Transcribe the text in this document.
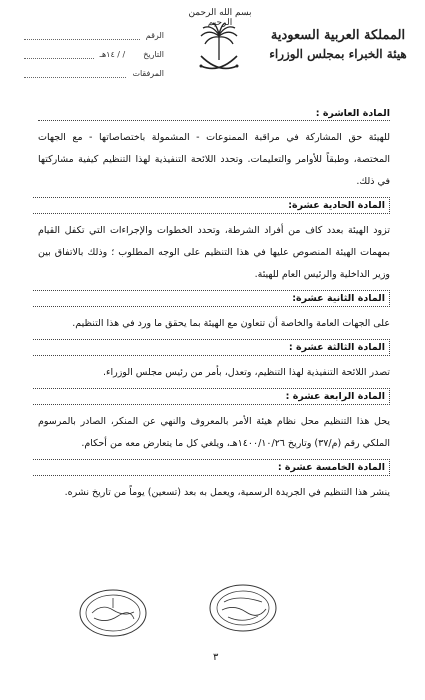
بسم الله الرحمن الرحيم
المملكة العربية السعودية
هيئة الخبراء بمجلس الوزراء
الرقم
التاريخ
/ / ١٤هـ
المرفقات
المادة العاشرة :

للهيئة حق المشاركة في مراقبة الممنوعات - المشمولة باختصاصاتها - مع الجهات المختصة، وطبقاً للأوامر والتعليمات. وتحدد اللائحة التنفيذية لهذا التنظيم كيفية مشاركتها في ذلك.

المادة الحادية عشرة:

تزود الهيئة بعدد كاف من أفراد الشرطة، وتحدد الخطوات والإجراءات التي تكفل القيام بمهمات الهيئة المنصوص عليها في هذا التنظيم على الوجه المطلوب ؛ وذلك بالاتفاق بين وزير الداخلية والرئيس العام للهيئة.

المادة الثانية عشرة:

على الجهات العامة والخاصة أن تتعاون مع الهيئة بما يحقق ما ورد في هذا التنظيم.

المادة الثالثة عشرة :

تصدر اللائحة التنفيذية لهذا التنظيم، وتعدل، بأمر من رئيس مجلس الوزراء.

المادة الرابعة عشرة :

يحل هذا التنظيم محل نظام هيئة الأمر بالمعروف والنهي عن المنكر، الصادر بالمرسوم الملكي رقم (م/٣٧) وتاريخ ١٤٠٠/١٠/٢٦هـ، ويلغي كل ما يتعارض معه من أحكام.

المادة الخامسة عشرة :

ينشر هذا التنظيم في الجريدة الرسمية، ويعمل به بعد (تسعين) يوماً من تاريخ نشره.

٣
